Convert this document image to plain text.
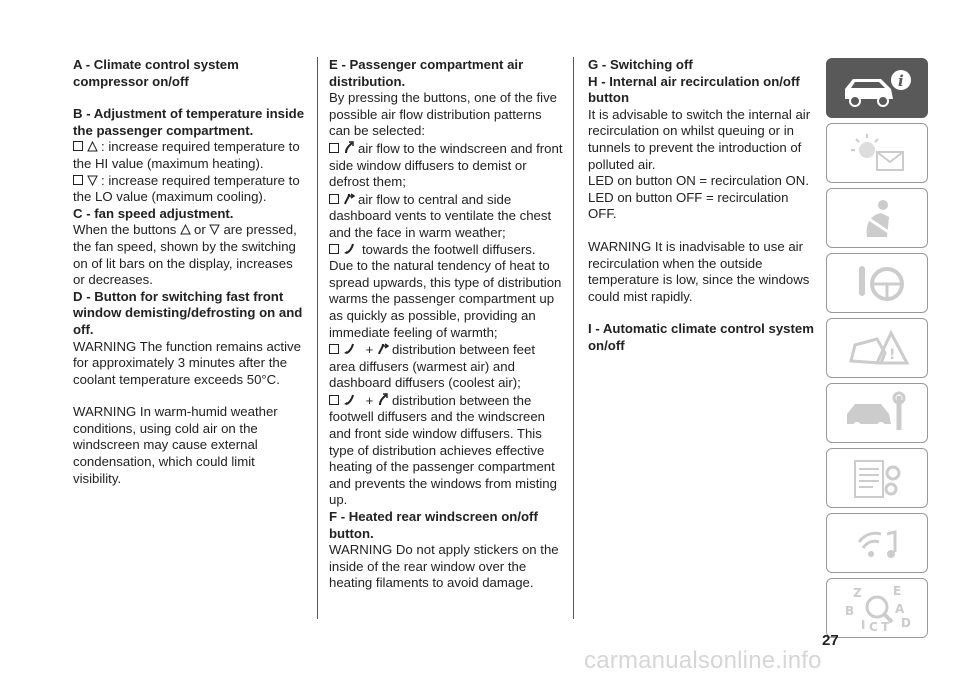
A - Climate control system compressor on/off

B - Adjustment of temperature inside the passenger compartment.

: increase required temperature to the HI value (maximum heating).

: increase required temperature to the LO value (maximum cooling).

C - fan speed adjustment.

When the buttons or are pressed, the fan speed, shown by the switching on of lit bars on the display, increases or decreases.

D - Button for switching fast front window demisting/defrosting on and off.

WARNING The function remains active for approximately 3 minutes after the coolant temperature exceeds 50°C.

WARNING In warm-humid weather conditions, using cold air on the windscreen may cause external condensation, which could limit visibility.

E - Passenger compartment air distribution.

By pressing the buttons, one of the five possible air flow distribution patterns can be selected:

air flow to the windscreen and front side window diffusers to demist or defrost them;

air flow to central and side dashboard vents to ventilate the chest and the face in warm weather;

towards the footwell diffusers. Due to the natural tendency of heat to spread upwards, this type of distribution warms the passenger compartment up as quickly as possible, providing an immediate feeling of warmth;

+ distribution between feet area diffusers (warmest air) and dashboard diffusers (coolest air);

+ distribution between the footwell diffusers and the windscreen and front side window diffusers. This type of distribution achieves effective heating of the passenger compartment and prevents the windows from misting up.

F - Heated rear windscreen on/off button.

WARNING Do not apply stickers on the inside of the rear window over the heating filaments to avoid damage.

G - Switching off

H - Internal air recirculation on/off button

It is advisable to switch the internal air recirculation on whilst queuing or in tunnels to prevent the introduction of polluted air.

LED on button ON = recirculation ON.

LED on button OFF = recirculation OFF.

WARNING It is inadvisable to use air recirculation when the outside temperature is low, since the windows could mist rapidly.

I - Automatic climate control system on/off

i
!
Z	E
B	A
I C T D
27
carmanualsonline.info
